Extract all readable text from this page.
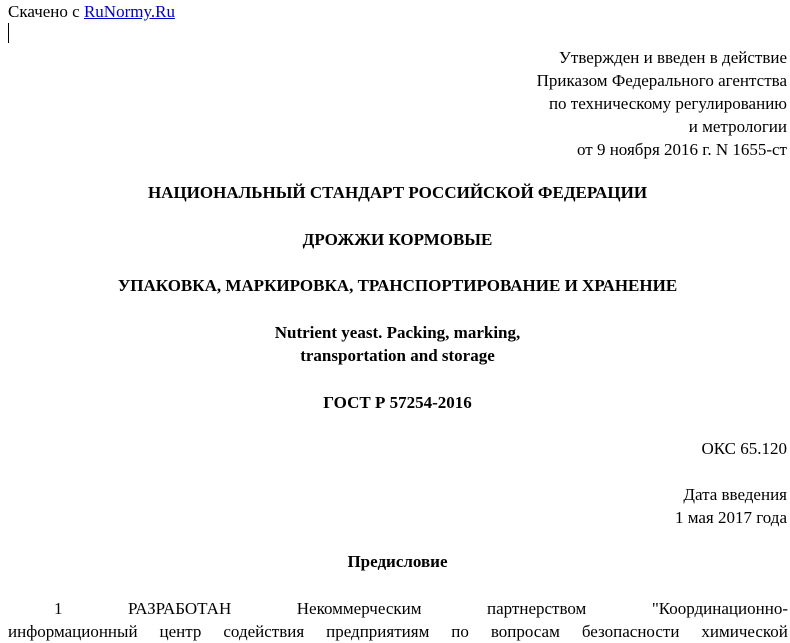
Скачено с RuNormy.Ru
Утвержден и введен в действие
Приказом Федерального агентства
по техническому регулированию
и метрологии
от 9 ноября 2016 г. N 1655-ст
НАЦИОНАЛЬНЫЙ СТАНДАРТ РОССИЙСКОЙ ФЕДЕРАЦИИ
ДРОЖЖИ КОРМОВЫЕ
УПАКОВКА, МАРКИРОВКА, ТРАНСПОРТИРОВАНИЕ И ХРАНЕНИЕ
Nutrient yeast. Packing, marking,
transportation and storage
ГОСТ Р 57254-2016
ОКС 65.120
Дата введения
1 мая 2017 года
Предисловие
1	РАЗРАБОТАН	Некоммерческим	партнерством	"Координационно-
информационный центр содействия предприятиям по вопросам безопасности химической
